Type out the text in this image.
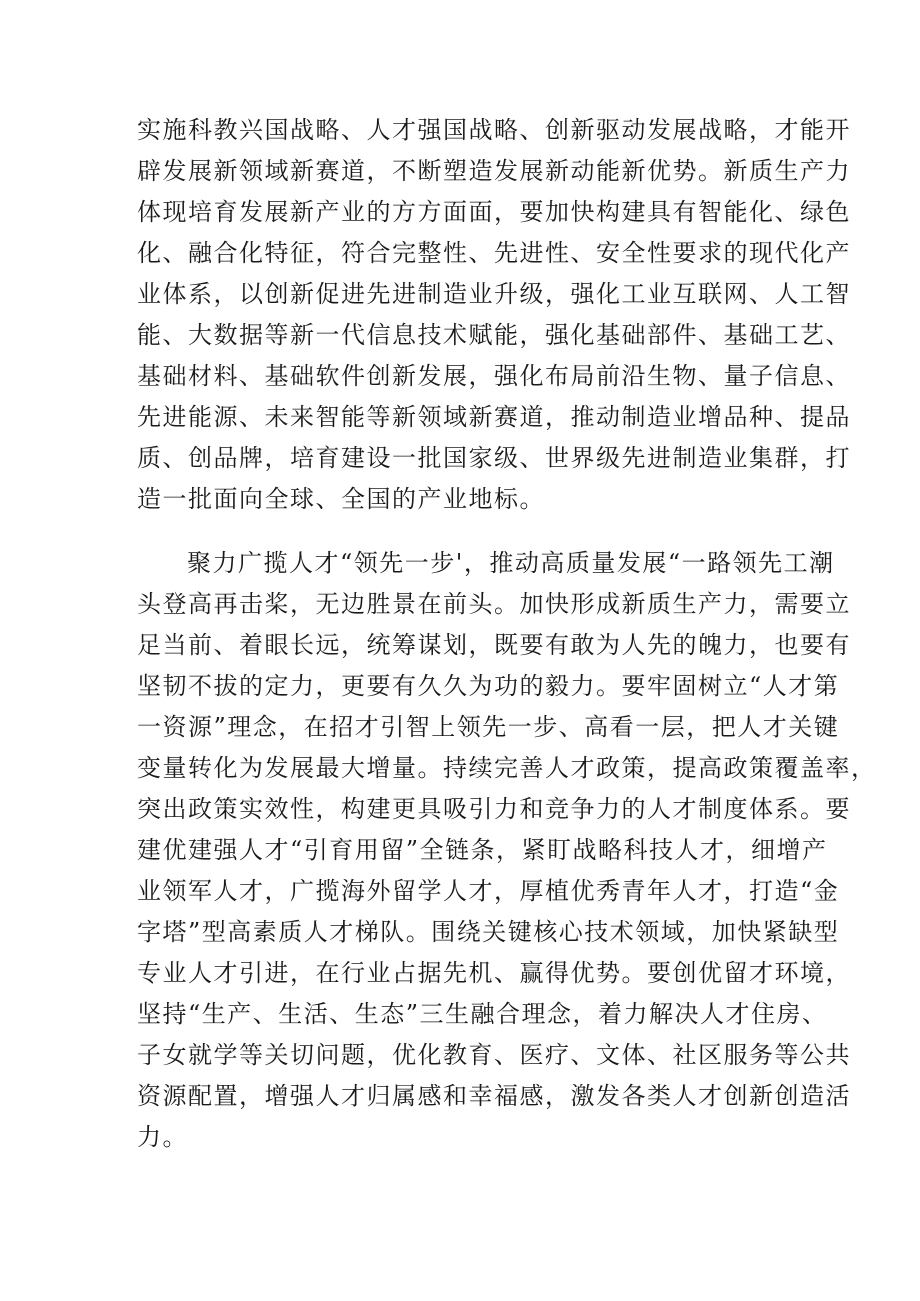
实施科教兴国战略、人才强国战略、创新驱动发展战略，才能开
辟发展新领域新赛道，不断塑造发展新动能新优势。新质生产力
体现培育发展新产业的方方面面，要加快构建具有智能化、绿色
化、融合化特征，符合完整性、先进性、安全性要求的现代化产
业体系，以创新促进先进制造业升级，强化工业互联网、人工智
能、大数据等新一代信息技术赋能，强化基础部件、基础工艺、
基础材料、基础软件创新发展，强化布局前沿生物、量子信息、
先进能源、未来智能等新领域新赛道，推动制造业增品种、提品
质、创品牌，培育建设一批国家级、世界级先进制造业集群，打
造一批面向全球、全国的产业地标。
聚力广揽人才“领先一步'，推动高质量发展“一路领先工潮
头登高再击桨，无边胜景在前头。加快形成新质生产力，需要立
足当前、着眼长远，统筹谋划，既要有敢为人先的魄力，也要有
坚韧不拔的定力，更要有久久为功的毅力。要牢固树立“人才第
一资源”理念，在招才引智上领先一步、高看一层，把人才关键
变量转化为发展最大增量。持续完善人才政策，提高政策覆盖率，
突出政策实效性，构建更具吸引力和竞争力的人才制度体系。要
建优建强人才“引育用留”全链条，紧盯战略科技人才，细增产
业领军人才，广揽海外留学人才，厚植优秀青年人才，打造“金
字塔”型高素质人才梯队。围绕关键核心技术领域，加快紧缺型
专业人才引进，在行业占据先机、赢得优势。要创优留才环境，
坚持“生产、生活、生态”三生融合理念，着力解决人才住房、
子女就学等关切问题，优化教育、医疗、文体、社区服务等公共
资源配置，增强人才归属感和幸福感，激发各类人才创新创造活
力。
